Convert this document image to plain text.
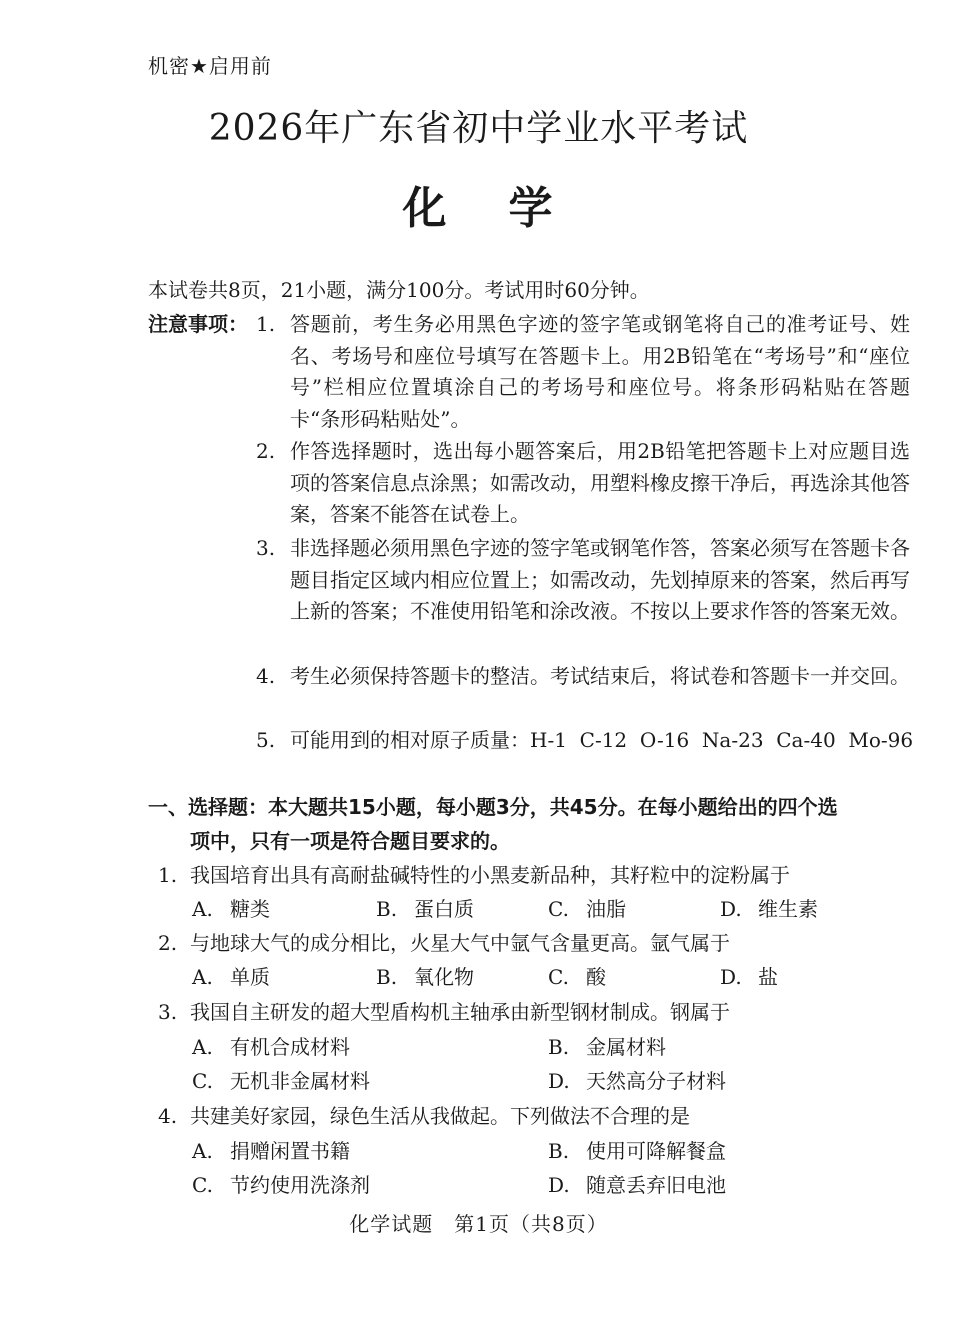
机密★启用前
2026年广东省初中学业水平考试
化 学
本试卷共8页，21小题，满分100分。考试用时60分钟。
注意事项： 1. 答题前，考生务必用黑色字迹的签字笔或钢笔将自己的准考证号、姓名、考场号和座位号填写在答题卡上。用2B铅笔在“考场号”和“座位号”栏相应位置填涂自己的考场号和座位号。将条形码粘贴在答题卡“条形码粘贴处”。
2. 作答选择题时，选出每小题答案后，用2B铅笔把答题卡上对应题目选项的答案信息点涂黑；如需改动，用塑料橡皮擦干净后，再选涂其他答案，答案不能答在试卷上。
3. 非选择题必须用黑色字迹的签字笔或钢笔作答，答案必须写在答题卡各题目指定区域内相应位置上；如需改动，先划掉原来的答案，然后再写上新的答案；不准使用铅笔和涂改液。不按以上要求作答的答案无效。
4. 考生必须保持答题卡的整洁。考试结束后，将试卷和答题卡一并交回。
5. 可能用到的相对原子质量：H-1  C-12  O-16  Na-23  Ca-40  Mo-96
一、选择题：本大题共15小题，每小题3分，共45分。在每小题给出的四个选
项中，只有一项是符合题目要求的。
1. 我国培育出具有高耐盐碱特性的小黑麦新品种，其籽粒中的淀粉属于
A. 糖类	B. 蛋白质	C. 油脂	D. 维生素
2. 与地球大气的成分相比，火星大气中氩气含量更高。氩气属于
A. 单质	B. 氧化物	C. 酸	D. 盐
3. 我国自主研发的超大型盾构机主轴承由新型钢材制成。钢属于
A. 有机合成材料	B. 金属材料
C. 无机非金属材料	D. 天然高分子材料
4. 共建美好家园，绿色生活从我做起。下列做法不合理的是
A. 捐赠闲置书籍	B. 使用可降解餐盒
C. 节约使用洗涤剂	D. 随意丢弃旧电池
化学试题　第1页（共8页）
